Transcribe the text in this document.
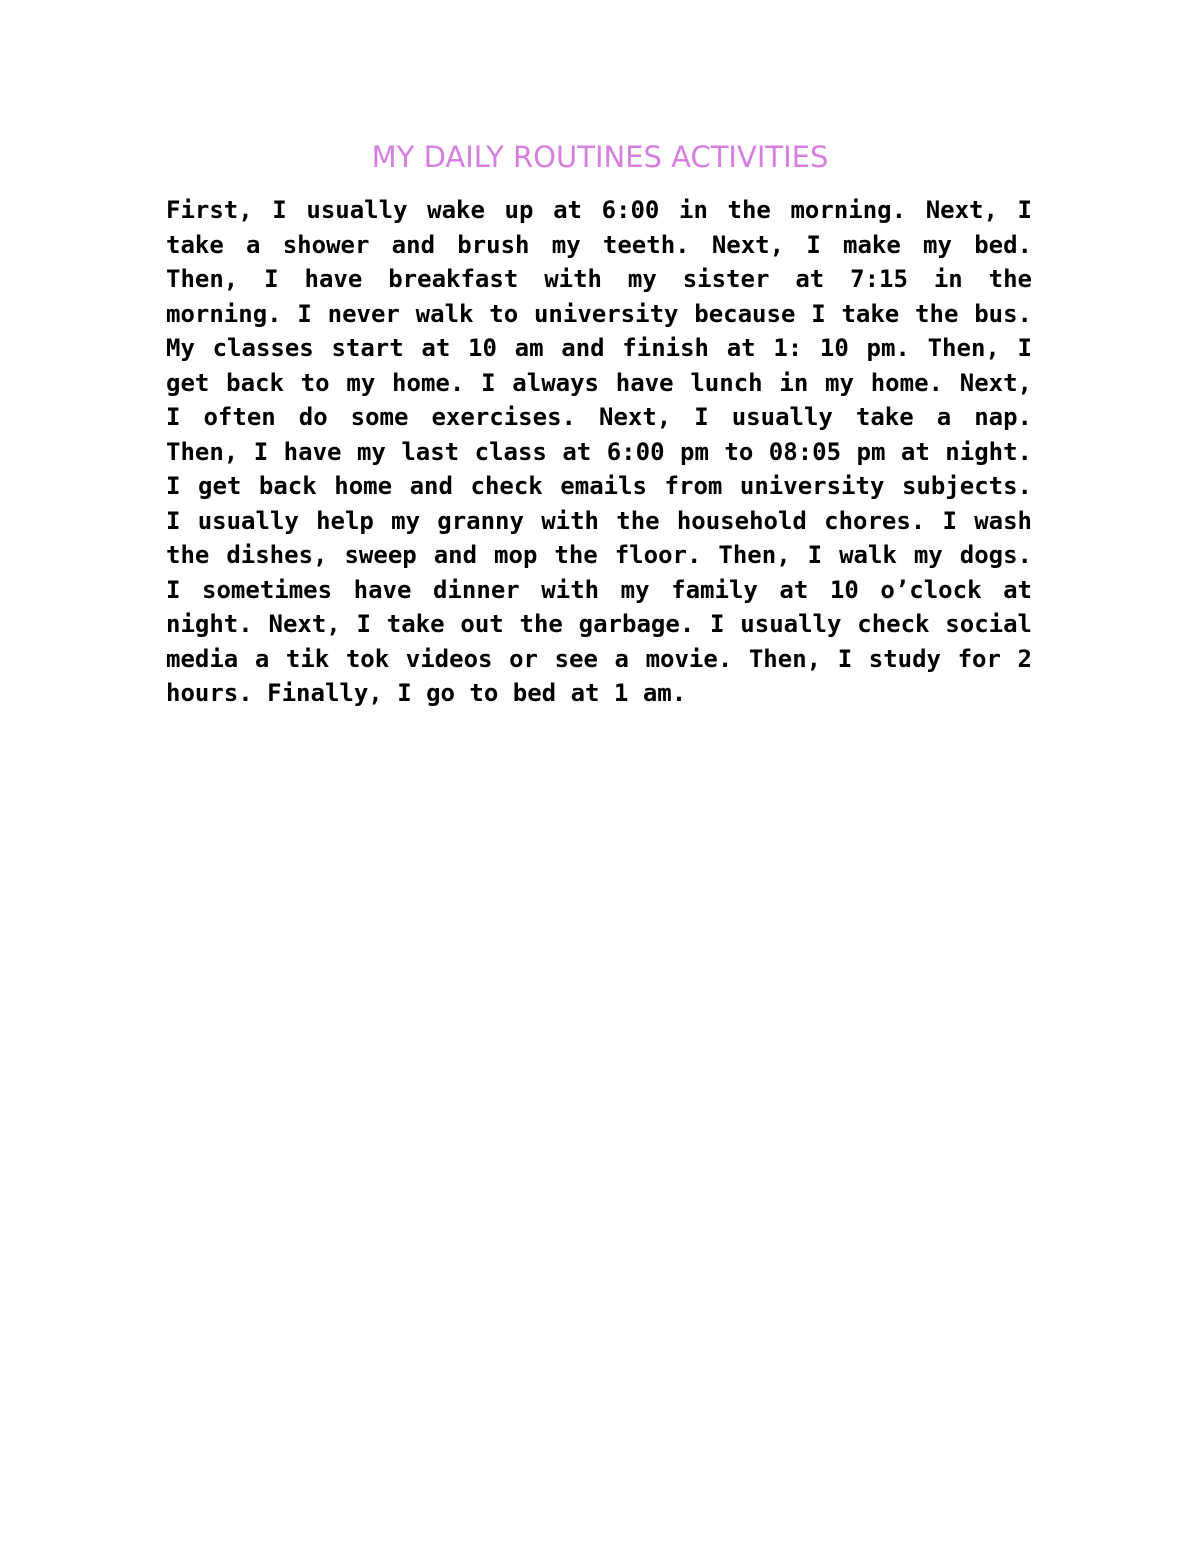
MY DAILY ROUTINES ACTIVITIES

First, I usually wake up at 6:00 in the morning. Next, I take a shower and brush my teeth. Next, I make my bed. Then, I have breakfast with my sister at 7:15 in the morning. I never walk to university because I take the bus. My classes start at 10 am and finish at 1: 10 pm. Then, I get back to my home. I always have lunch in my home. Next, I often do some exercises. Next, I usually take a nap. Then, I have my last class at 6:00 pm to 08:05 pm at night. I get back home and check emails from university subjects. I usually help my granny with the household chores. I wash the dishes, sweep and mop the floor. Then, I walk my dogs. I sometimes have dinner with my family at 10 o’clock at night. Next, I take out the garbage. I usually check social media a tik tok videos or see a movie. Then, I study for 2 hours. Finally, I go to bed at 1 am.
